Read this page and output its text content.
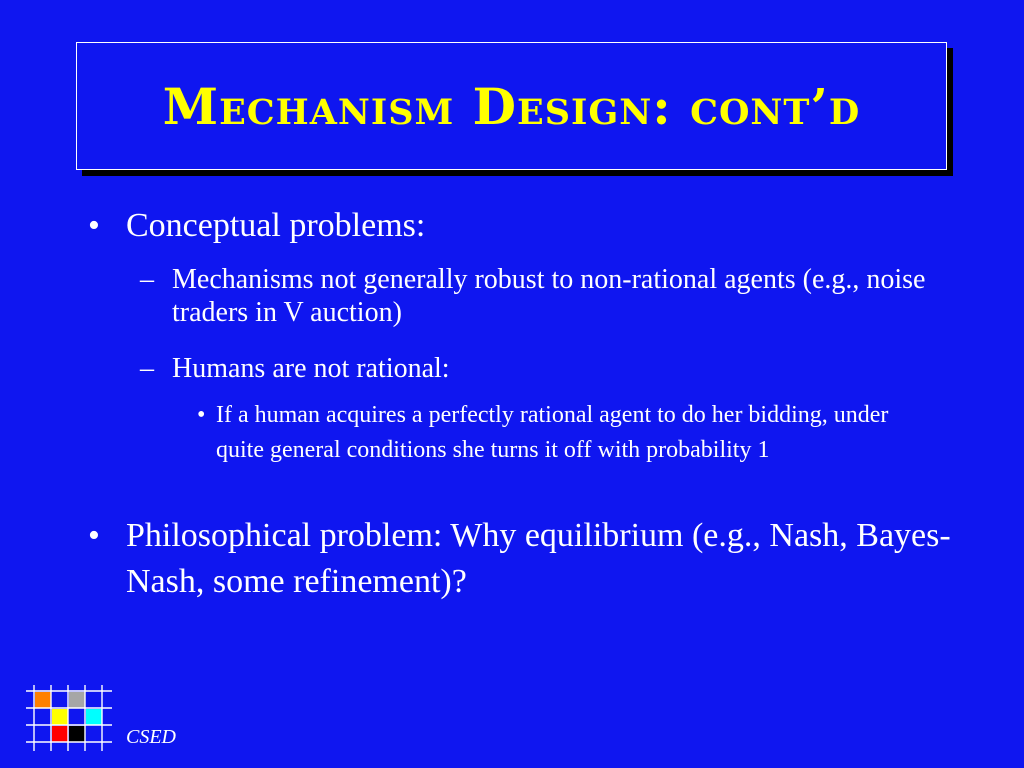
Mechanism Design: cont’d
• Conceptual problems:
– Mechanisms not generally robust to non-rational agents (e.g., noise traders in V auction)
– Humans are not rational:
• If a human acquires a perfectly rational agent to do her bidding, under quite general conditions she turns it off with probability 1
• Philosophical problem: Why equilibrium (e.g., Nash, Bayes-Nash, some refinement)?
CSED
